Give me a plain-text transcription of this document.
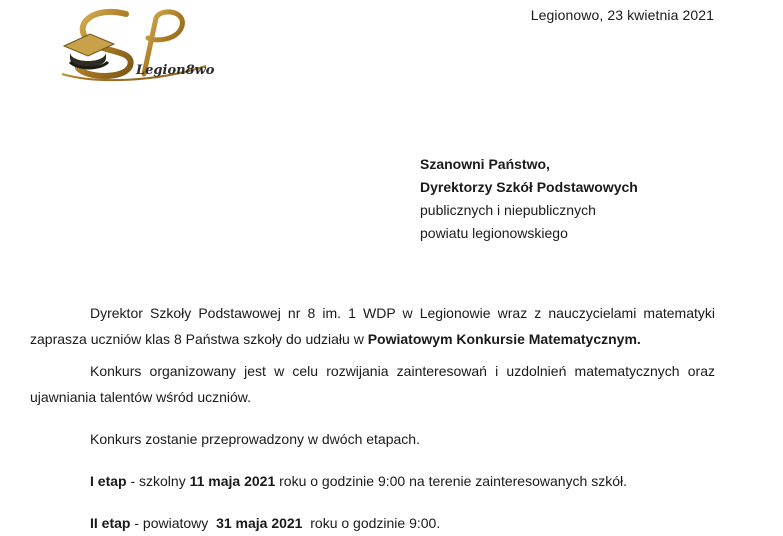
Legion8wo
Legionowo, 23 kwietnia 2021
Szanowni Państwo,
Dyrektorzy Szkół Podstawowych
publicznych i niepublicznych
powiatu legionowskiego

Dyrektor Szkoły Podstawowej nr 8 im. 1 WDP w Legionowie wraz z nauczycielami matematyki

zaprasza uczniów klas 8 Państwa szkoły do udziału w Powiatowym Konkursie Matematycznym.

Konkurs organizowany jest w celu rozwijania zainteresowań i uzdolnień matematycznych oraz

ujawniania talentów wśród uczniów.

Konkurs zostanie przeprowadzony w dwóch etapach.

I etap - szkolny 11 maja 2021 roku o godzinie 9:00 na terenie zainteresowanych szkół.

II etap - powiatowy  31 maja 2021  roku o godzinie 9:00.
